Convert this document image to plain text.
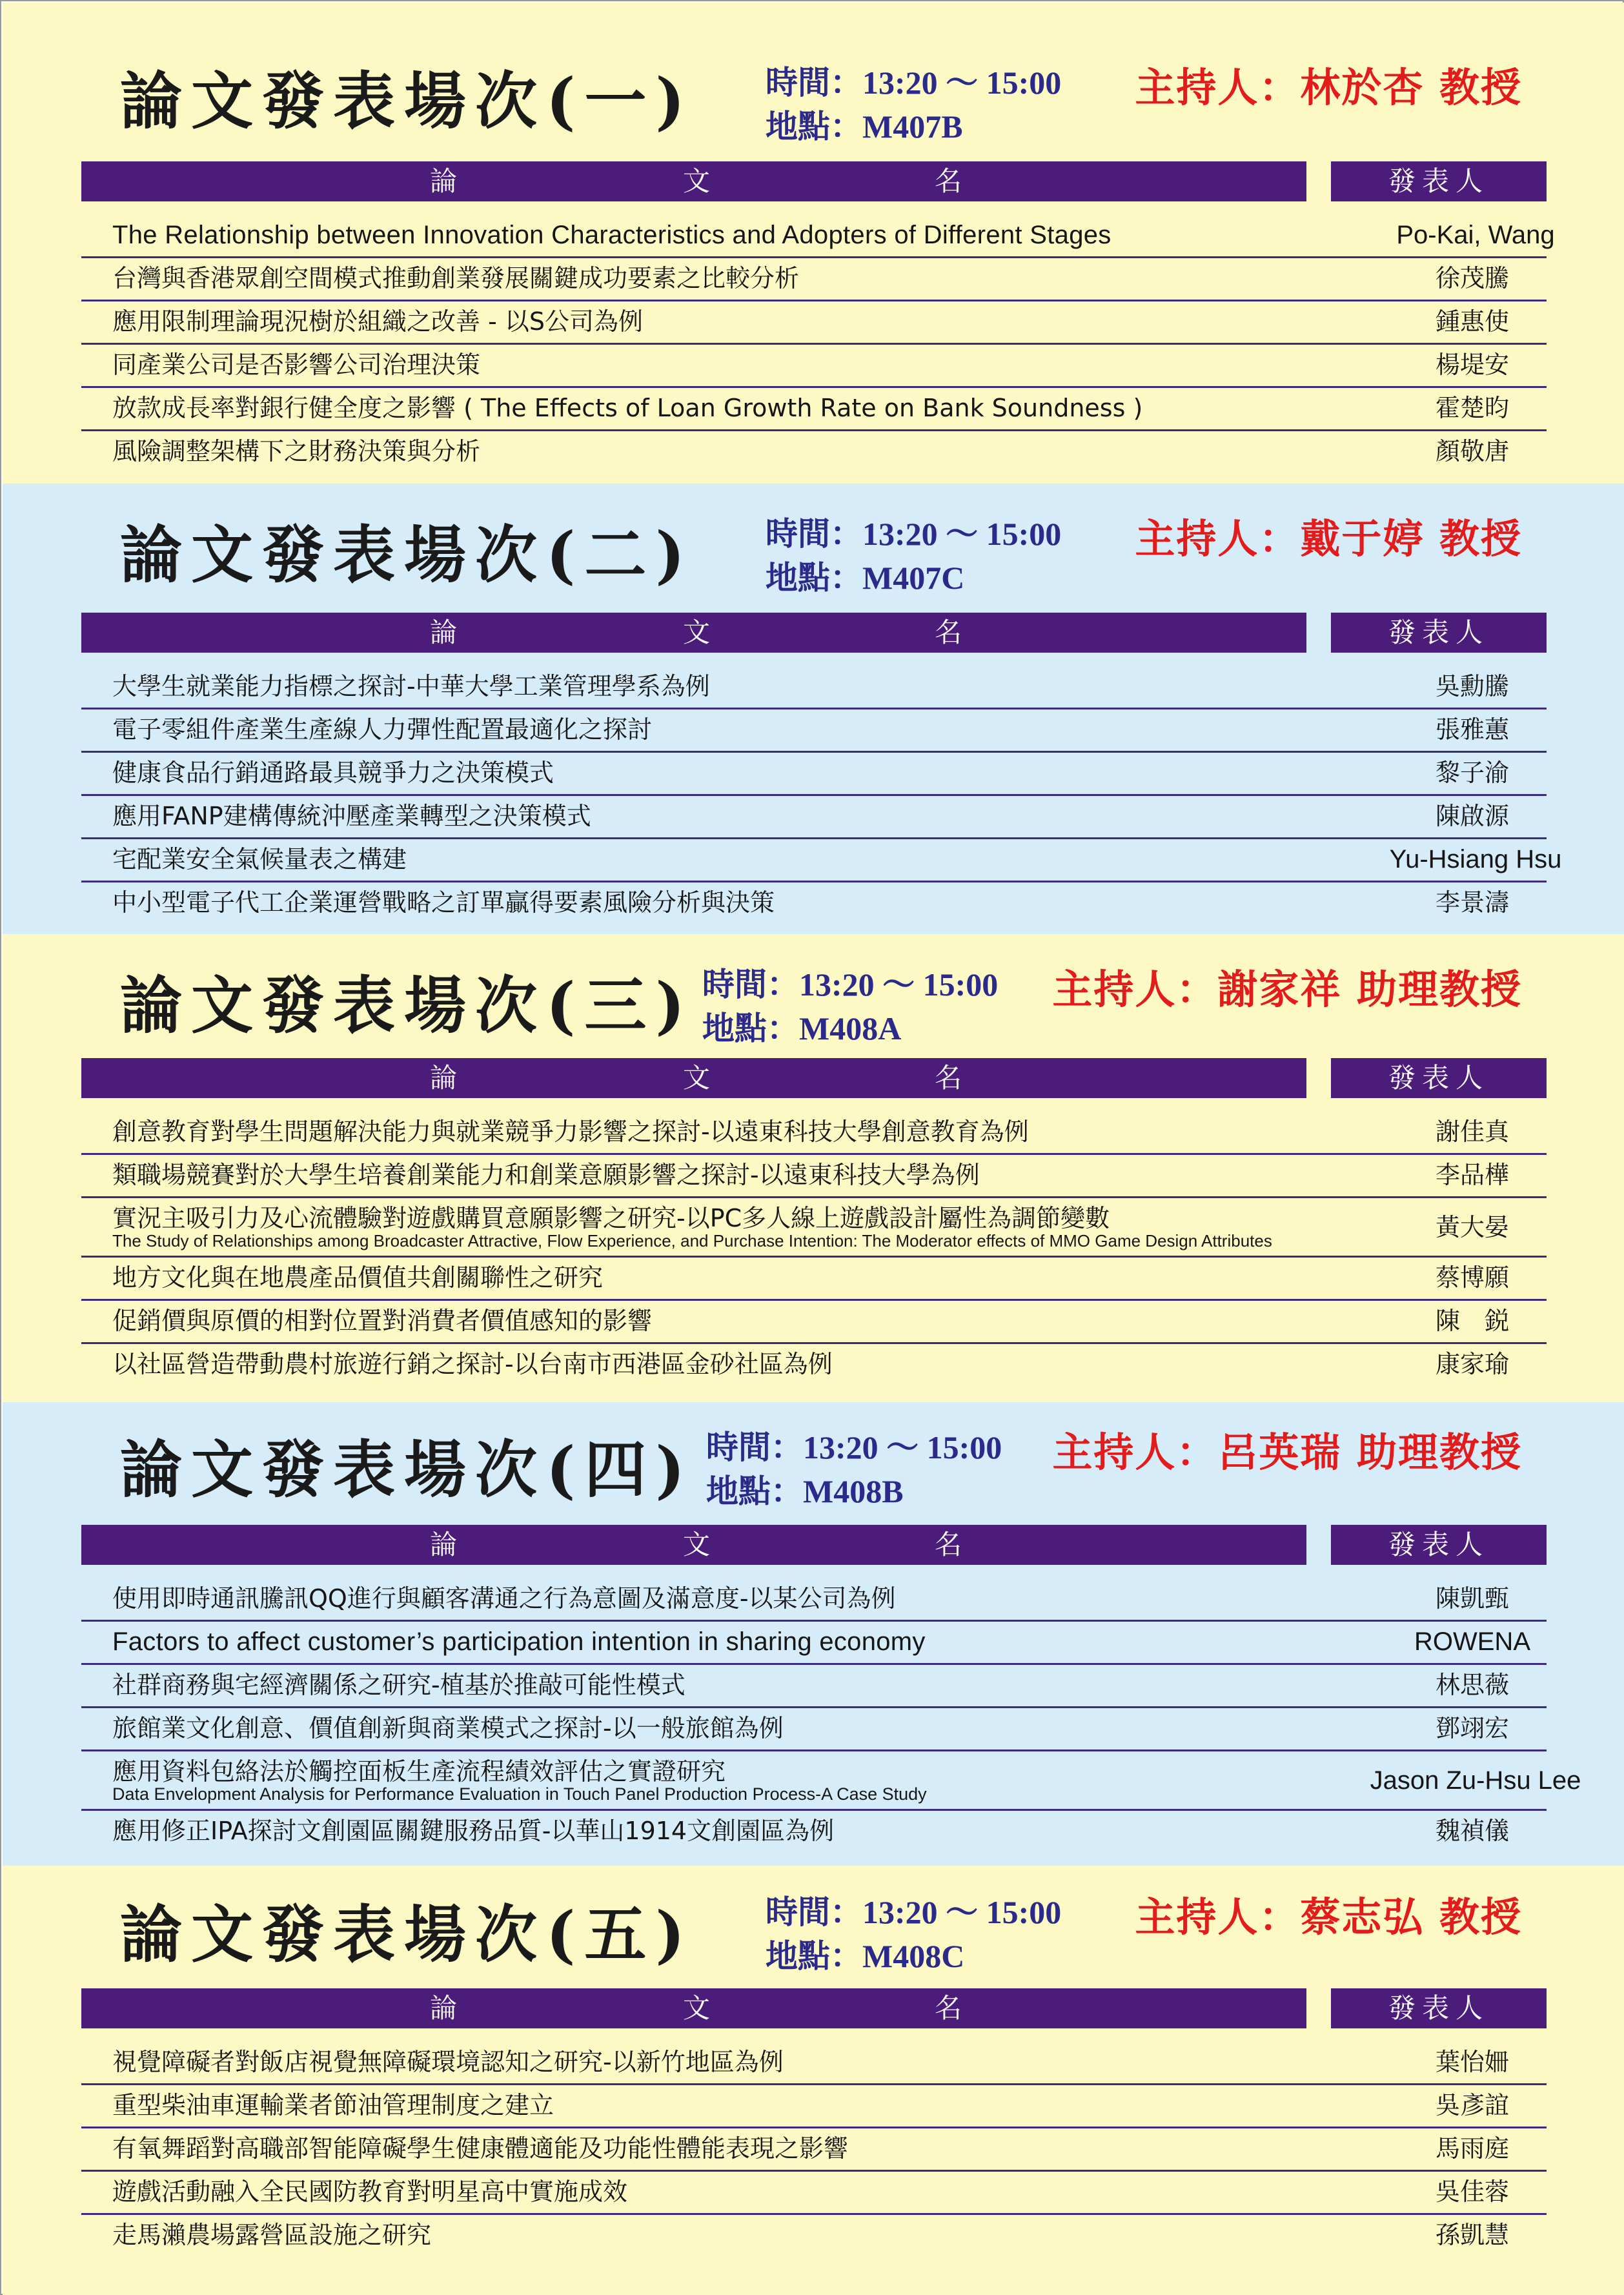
論文發表場次(一) 時間：13:20 ～ 15:00
地點：M407B
主持人：林於杏 教授
論	文	名	發表人
The Relationship between Innovation Characteristics and Adopters of Different Stages	Po-Kai, Wang
台灣與香港眾創空間模式推動創業發展關鍵成功要素之比較分析	徐茂騰
應用限制理論現況樹於組織之改善 - 以S公司為例	鍾惠使
同產業公司是否影響公司治理決策	楊堤安
放款成長率對銀行健全度之影響 ( The Effects of Loan Growth Rate on Bank Soundness )	霍楚昀
風險調整架構下之財務決策與分析	顏敬唐
論文發表場次(二) 時間：13:20 ～ 15:00
地點：M407C
主持人：戴于婷 教授
論	文	名	發表人
大學生就業能力指標之探討-中華大學工業管理學系為例	吳勳騰
電子零組件產業生產線人力彈性配置最適化之探討	張雅蕙
健康食品行銷通路最具競爭力之決策模式	黎子渝
應用FANP建構傳統沖壓產業轉型之決策模式	陳啟源
宅配業安全氣候量表之構建	Yu-Hsiang Hsu
中小型電子代工企業運營戰略之訂單贏得要素風險分析與決策	李景濤
論文發表場次(三) 時間：13:20 ～ 15:00
地點：M408A
主持人：謝家祥 助理教授
論	文	名	發表人
創意教育對學生問題解決能力與就業競爭力影響之探討-以遠東科技大學創意教育為例	謝佳真
類職場競賽對於大學生培養創業能力和創業意願影響之探討-以遠東科技大學為例	李品樺
實況主吸引力及心流體驗對遊戲購買意願影響之研究-以PC多人線上遊戲設計屬性為調節變數
The Study of Relationships among Broadcaster Attractive, Flow Experience, and Purchase Intention: The Moderator effects of MMO Game Design Attributes	黃大晏
地方文化與在地農產品價值共創關聯性之研究	蔡博願
促銷價與原價的相對位置對消費者價值感知的影響	陳　鋭
以社區營造帶動農村旅遊行銷之探討-以台南市西港區金砂社區為例	康家瑜
論文發表場次(四) 時間：13:20 ～ 15:00
地點：M408B
主持人：呂英瑞 助理教授
論	文	名	發表人
使用即時通訊騰訊QQ進行與顧客溝通之行為意圖及滿意度-以某公司為例	陳凱甄
Factors to affect customer’s participation intention in sharing economy	ROWENA
社群商務與宅經濟關係之研究-植基於推敲可能性模式	林思薇
旅館業文化創意、價值創新與商業模式之探討-以一般旅館為例	鄧翊宏
應用資料包絡法於觸控面板生產流程績效評估之實證研究
Data Envelopment Analysis for Performance Evaluation in Touch Panel Production Process-A Case Study	Jason Zu-Hsu Lee
應用修正IPA探討文創園區關鍵服務品質-以華山1914文創園區為例	魏禎儀
論文發表場次(五) 時間：13:20 ～ 15:00
地點：M408C
主持人：蔡志弘 教授
論	文	名	發表人
視覺障礙者對飯店視覺無障礙環境認知之研究-以新竹地區為例	葉怡姍
重型柴油車運輸業者節油管理制度之建立	吳彥誼
有氧舞蹈對高職部智能障礙學生健康體適能及功能性體能表現之影響	馬雨庭
遊戲活動融入全民國防教育對明星高中實施成效	吳佳蓉
走馬瀨農場露營區設施之研究	孫凱慧
